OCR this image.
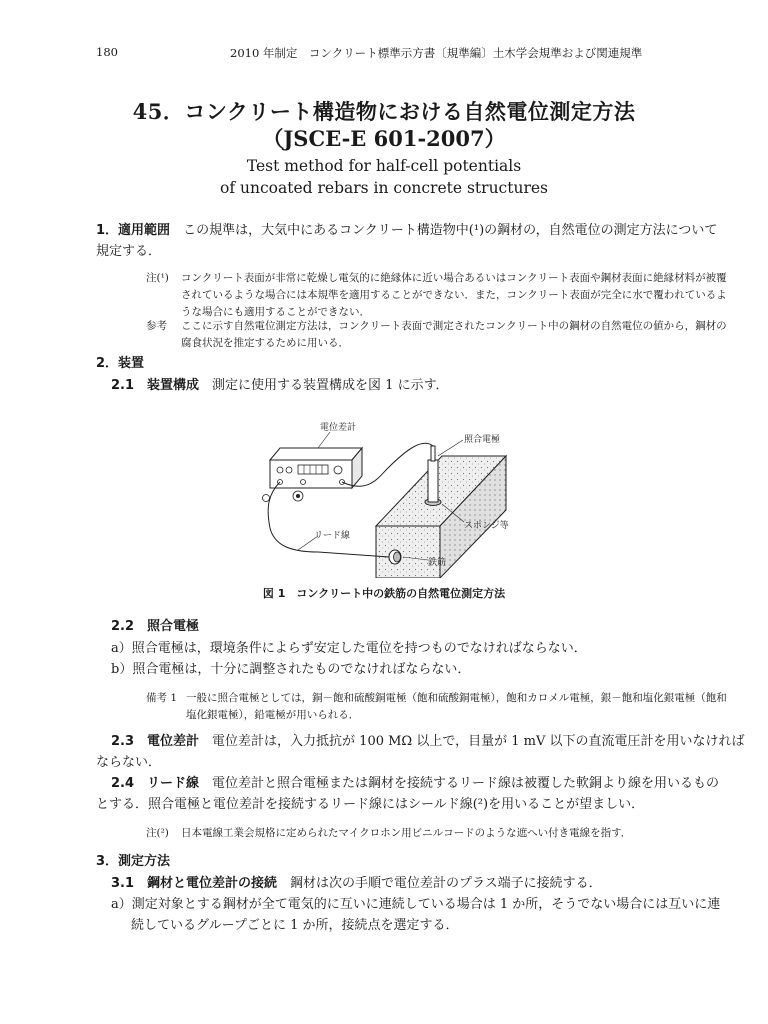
180	2010 年制定　コンクリート標準示方書〔規準編〕土木学会規準および関連規準
45．コンクリート構造物における自然電位測定方法
（JSCE-E 601-2007）
Test method for half-cell potentials
of uncoated rebars in concrete structures
1．適用範囲　 この規準は，大気中にあるコンクリート構造物中(¹)の鋼材の，自然電位の測定方法について
規定する．
注(¹) コンクリート表面が非常に乾燥し電気的に絶縁体に近い場合あるいはコンクリート表面や鋼材表面に絶縁材料が被覆
されているような場合には本規準を適用することができない．また，コンクリート表面が完全に水で覆われているよ
うな場合にも適用することができない．
参考 ここに示す自然電位測定方法は，コンクリート表面で測定されたコンクリート中の鋼材の自然電位の値から，鋼材の
腐食状況を推定するために用いる．
2．装置
2.1　装置構成　 測定に使用する装置構成を図 1 に示す．
電位差計
照合電極
スポンジ等
リード線
鉄筋
図 1　コンクリート中の鉄筋の自然電位測定方法
2.2　照合電極
a）照合電極は，環境条件によらず安定した電位を持つものでなければならない．
b）照合電極は，十分に調整されたものでなければならない．
備考 1 一般に照合電極としては，銅－飽和硫酸銅電極（飽和硫酸銅電極），飽和カロメル電極，銀－飽和塩化銀電極（飽和
塩化銀電極），鉛電極が用いられる．
2.3　電位差計　 電位差計は，入力抵抗が 100 MΩ 以上で，目量が 1 mV 以下の直流電圧計を用いなければ
ならない．
2.4　リード線　 電位差計と照合電極または鋼材を接続するリード線は被覆した軟銅より線を用いるもの
とする．照合電極と電位差計を接続するリード線にはシールド線(²)を用いることが望ましい．
注(²) 日本電線工業会規格に定められたマイクロホン用ビニルコードのような遮へい付き電線を指す．
3．測定方法
3.1　鋼材と電位差計の接続　 鋼材は次の手順で電位差計のプラス端子に接続する．
a）測定対象とする鋼材が全て電気的に互いに連続している場合は 1 か所，そうでない場合には互いに連
続しているグループごとに 1 か所，接続点を選定する．
